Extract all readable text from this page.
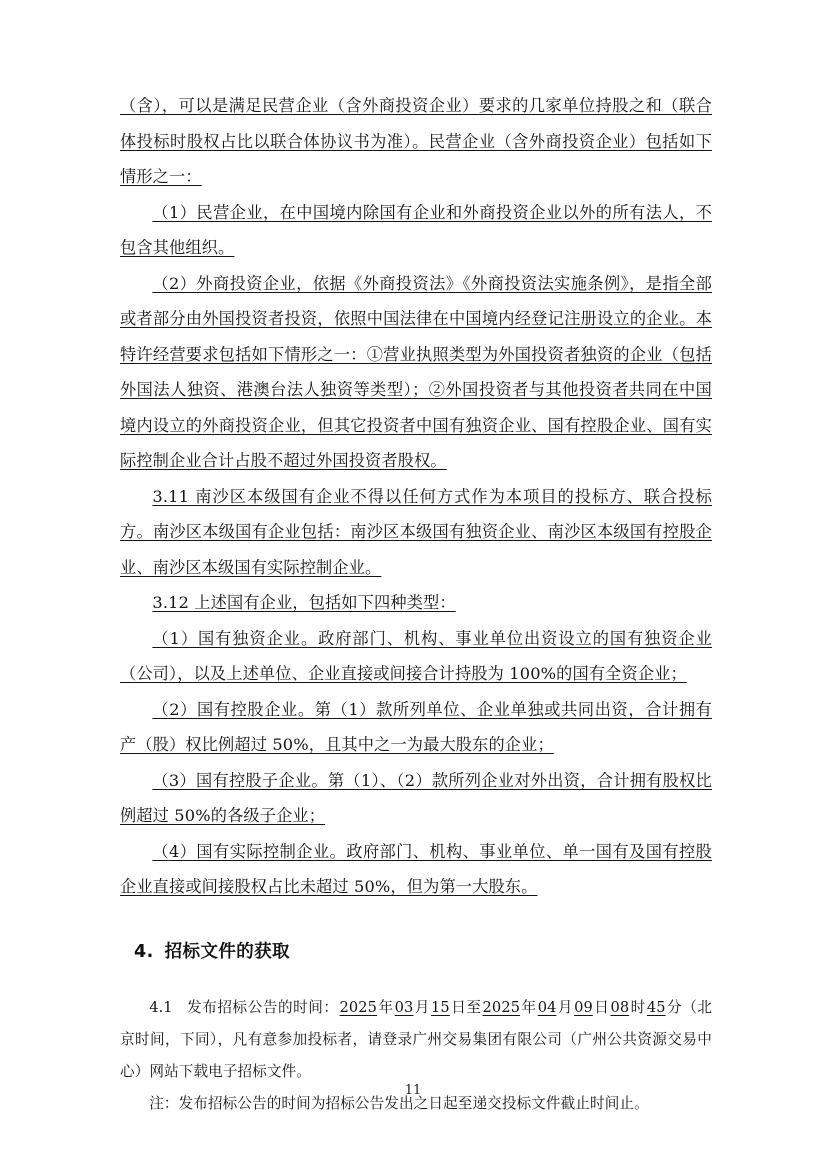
（含），可以是满足民营企业（含外商投资企业）要求的几家单位持股之和（联合体投标时股权占比以联合体协议书为准）。民营企业（含外商投资企业）包括如下情形之一：

（1）民营企业，在中国境内除国有企业和外商投资企业以外的所有法人，不包含其他组织。

（2）外商投资企业，依据《外商投资法》《外商投资法实施条例》，是指全部或者部分由外国投资者投资，依照中国法律在中国境内经登记注册设立的企业。本特许经营要求包括如下情形之一：①营业执照类型为外国投资者独资的企业（包括外国法人独资、港澳台法人独资等类型）；②外国投资者与其他投资者共同在中国境内设立的外商投资企业，但其它投资者中国有独资企业、国有控股企业、国有实际控制企业合计占股不超过外国投资者股权。

3.11 南沙区本级国有企业不得以任何方式作为本项目的投标方、联合投标方。南沙区本级国有企业包括：南沙区本级国有独资企业、南沙区本级国有控股企业、南沙区本级国有实际控制企业。

3.12 上述国有企业，包括如下四种类型：

（1）国有独资企业。政府部门、机构、事业单位出资设立的国有独资企业（公司），以及上述单位、企业直接或间接合计持股为 100%的国有全资企业；

（2）国有控股企业。第（1）款所列单位、企业单独或共同出资，合计拥有产（股）权比例超过 50%，且其中之一为最大股东的企业；

（3）国有控股子企业。第（1）、（2）款所列企业对外出资，合计拥有股权比例超过 50%的各级子企业；

（4）国有实际控制企业。政府部门、机构、事业单位、单一国有及国有控股企业直接或间接股权占比未超过 50%，但为第一大股东。

4. 招标文件的获取

4.1 发布招标公告的时间：2025年03月15日至2025年04月09日08时45分（北京时间，下同），凡有意参加投标者，请登录广州交易集团有限公司（广州公共资源交易中心）网站下载电子招标文件。

注：发布招标公告的时间为招标公告发出之日起至递交投标文件截止时间止。

11
